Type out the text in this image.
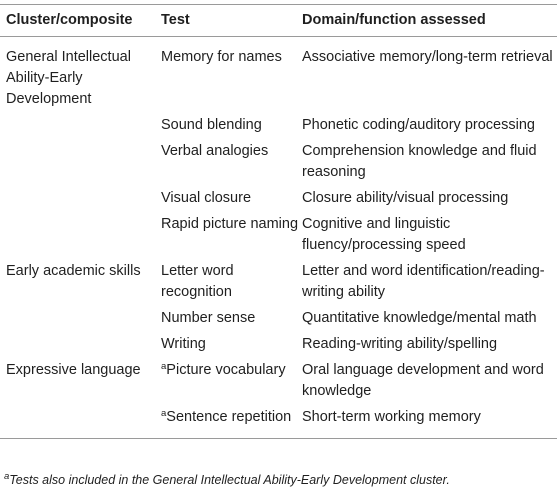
Cluster/composite	Test	Domain/function assessed
General Intellectual Ability-Early Development	Memory for names	Associative memory/long-term retrieval
	Sound blending	Phonetic coding/auditory processing
	Verbal analogies	Comprehension knowledge and fluid reasoning
	Visual closure	Closure ability/visual processing
	Rapid picture naming	Cognitive and linguistic fluency/processing speed
Early academic skills	Letter word recognition	Letter and word identification/reading-writing ability
	Number sense	Quantitative knowledge/mental math
	Writing	Reading-writing ability/spelling
Expressive language	$^a$Picture vocabulary	Oral language development and word knowledge
	$^a$Sentence repetition	Short-term working memory
$^a$Tests also included in the General Intellectual Ability-Early Development cluster.
